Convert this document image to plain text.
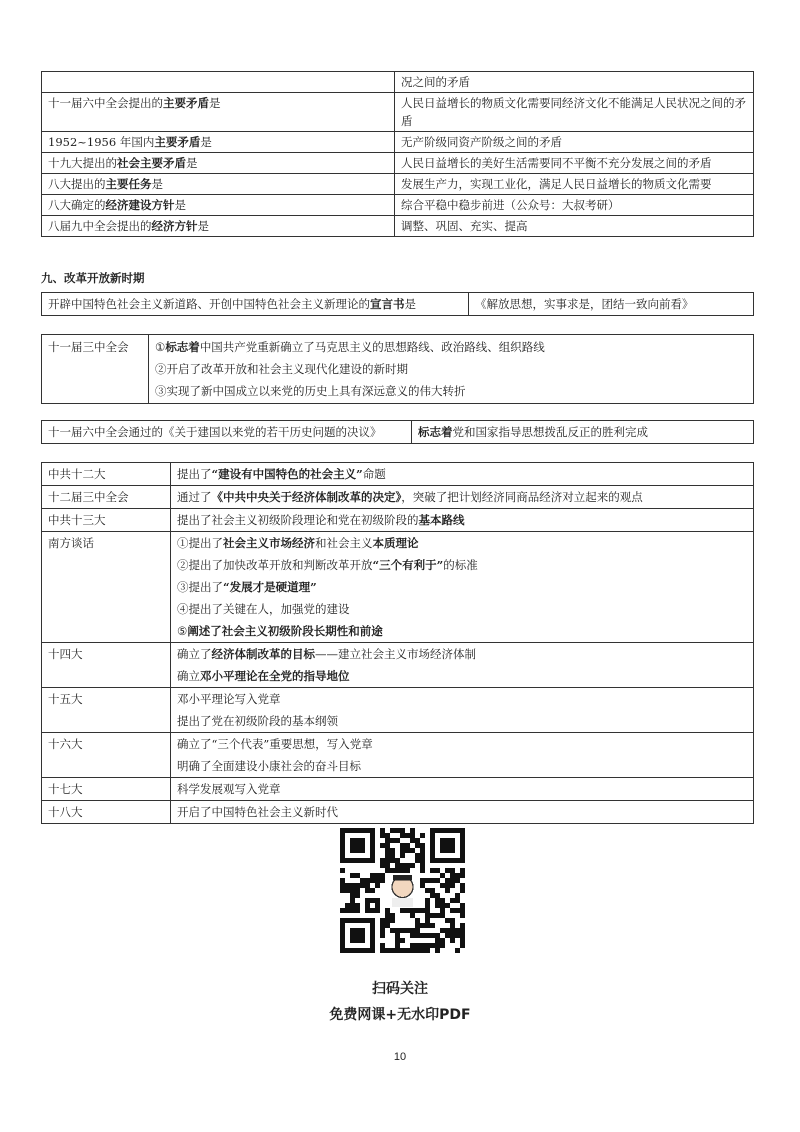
	况之间的矛盾
十一届六中全会提出的主要矛盾是	人民日益增长的物质文化需要同经济文化不能满足人民状况之间的矛盾
1952~1956 年国内主要矛盾是	无产阶级同资产阶级之间的矛盾
十九大提出的社会主要矛盾是	人民日益增长的美好生活需要同不平衡不充分发展之间的矛盾
八大提出的主要任务是	发展生产力，实现工业化，满足人民日益增长的物质文化需要
八大确定的经济建设方针是	综合平稳中稳步前进（公众号：大叔考研）
八届九中全会提出的经济方针是	调整、巩固、充实、提高
九、改革开放新时期
开辟中国特色社会主义新道路、开创中国特色社会主义新理论的宣言书是	《解放思想，实事求是，团结一致向前看》
十一届三中全会	①标志着中国共产党重新确立了马克思主义的思想路线、政治路线、组织路线
②开启了改革开放和社会主义现代化建设的新时期
③实现了新中国成立以来党的历史上具有深远意义的伟大转折
十一届六中全会通过的《关于建国以来党的若干历史问题的决议》	标志着党和国家指导思想拨乱反正的胜利完成
中共十二大	提出了“建设有中国特色的社会主义”命题

十二届三中全会	通过了《中共中央关于经济体制改革的决定》，突破了把计划经济同商品经济对立起来的观点

中共十三大	提出了社会主义初级阶段理论和党在初级阶段的基本路线

南方谈话	①提出了社会主义市场经济和社会主义本质理论
②提出了加快改革开放和判断改革开放“三个有利于”的标准
③提出了“发展才是硬道理”
④提出了关键在人，加强党的建设
⑤阐述了社会主义初级阶段长期性和前途

十四大	确立了经济体制改革的目标——建立社会主义市场经济体制
确立邓小平理论在全党的指导地位

十五大	邓小平理论写入党章
提出了党在初级阶段的基本纲领

十六大	确立了“三个代表”重要思想，写入党章
明确了全面建设小康社会的奋斗目标

十七大	科学发展观写入党章

十八大	开启了中国特色社会主义新时代
扫码关注
免费网课+无水印PDF
10
